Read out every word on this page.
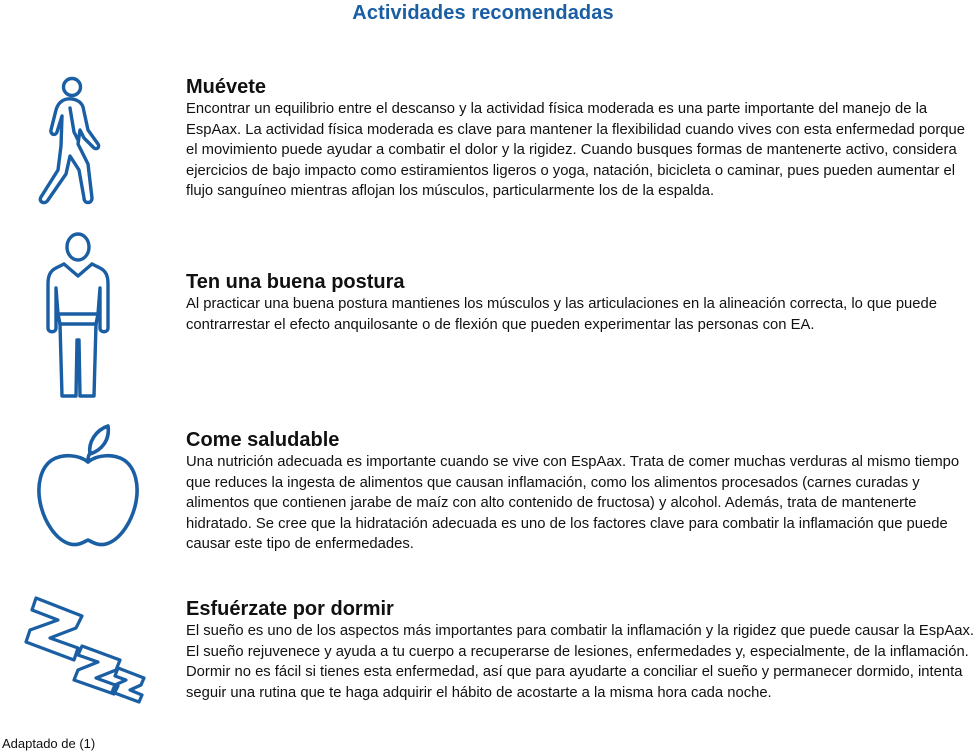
Actividades recomendadas
Muévete

Encontrar un equilibrio entre el descanso y la actividad física moderada es una parte importante del manejo de la EspAax. La actividad física moderada es clave para mantener la flexibilidad cuando vives con esta enfermedad porque el movimiento puede ayudar a combatir el dolor y la rigidez. Cuando busques formas de mantenerte activo, considera ejercicios de bajo impacto como estiramientos ligeros o yoga, natación, bicicleta o caminar, pues pueden aumentar el flujo sanguíneo mientras aflojan los músculos, particularmente los de la espalda.

Ten una buena postura

Al practicar una buena postura mantienes los músculos y las articulaciones en la alineación correcta, lo que puede contrarrestar el efecto anquilosante o de flexión que pueden experimentar las personas con EA.

Come saludable

Una nutrición adecuada es importante cuando se vive con EspAax. Trata de comer muchas verduras al mismo tiempo que reduces la ingesta de alimentos que causan inflamación, como los alimentos procesados (carnes curadas y alimentos que contienen jarabe de maíz con alto contenido de fructosa) y alcohol. Además, trata de mantenerte hidratado. Se cree que la hidratación adecuada es uno de los factores clave para combatir la inflamación que puede causar este tipo de enfermedades.

Esfuérzate por dormir

El sueño es uno de los aspectos más importantes para combatir la inflamación y la rigidez que puede causar la EspAax. El sueño rejuvenece y ayuda a tu cuerpo a recuperarse de lesiones, enfermedades y, especialmente, de la inflamación.

Dormir no es fácil si tienes esta enfermedad, así que para ayudarte a conciliar el sueño y permanecer dormido, intenta seguir una rutina que te haga adquirir el hábito de acostarte a la misma hora cada noche.

Adaptado de (1)
